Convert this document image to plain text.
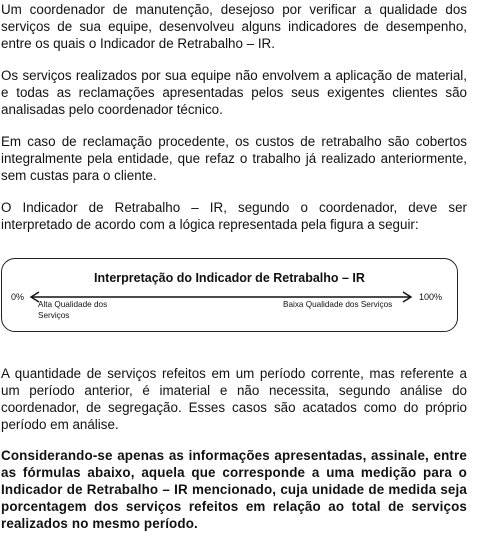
Um coordenador de manutenção, desejoso por verificar a qualidade dos serviços de sua equipe, desenvolveu alguns indicadores de desempenho, entre os quais o Indicador de Retrabalho – IR.

Os serviços realizados por sua equipe não envolvem a aplicação de material, e todas as reclamações apresentadas pelos seus exigentes clientes são analisadas pelo coordenador técnico.

Em caso de reclamação procedente, os custos de retrabalho são cobertos integralmente pela entidade, que refaz o trabalho já realizado anteriormente, sem custas para o cliente.

O Indicador de Retrabalho – IR, segundo o coordenador, deve ser interpretado de acordo com a lógica representada pela figura a seguir:

Interpretação do Indicador de Retrabalho – IR
0%	100%
Alta Qualidade dos Serviços
Baixa Qualidade dos Serviços

A quantidade de serviços refeitos em um período corrente, mas referente a um período anterior, é imaterial e não necessita, segundo análise do coordenador, de segregação. Esses casos são acatados como do próprio período em análise.

Considerando-se apenas as informações apresentadas, assinale, entre as fórmulas abaixo, aquela que corresponde a uma medição para o Indicador de Retrabalho – IR mencionado, cuja unidade de medida seja porcentagem dos serviços refeitos em relação ao total de serviços realizados no mesmo período.
